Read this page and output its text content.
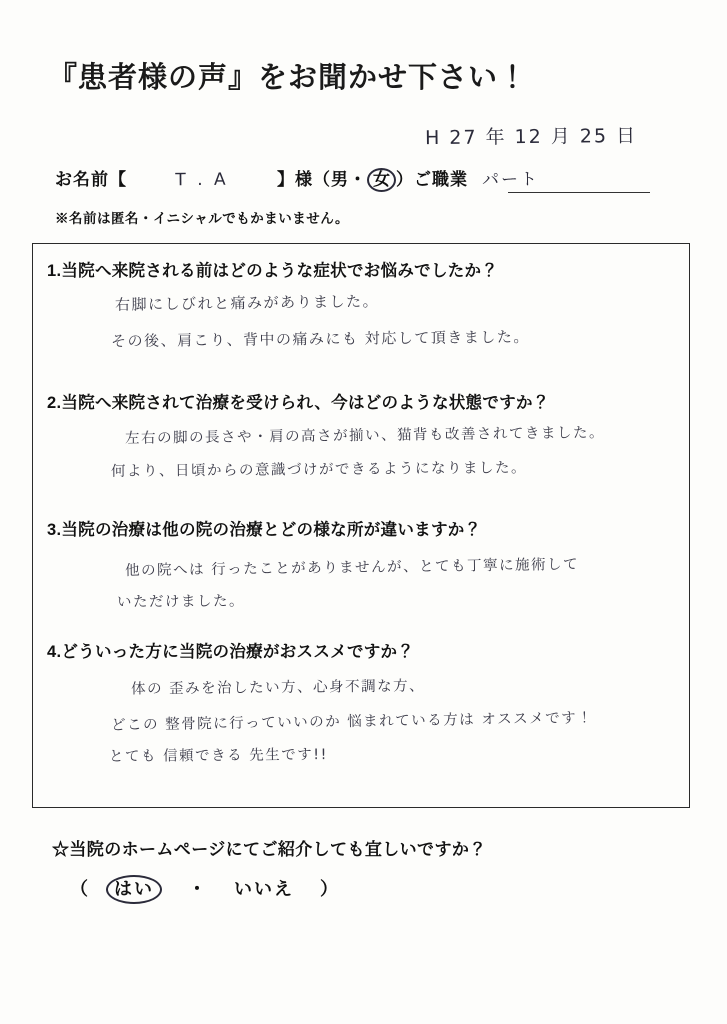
『患者様の声』をお聞かせ下さい！
H 27 年 12 月 25 日
お名前【	T . A	】様（男・ 女 ）ご職業 パート
※名前は匿名・イニシャルでもかまいません。
1.当院へ来院される前はどのような症状でお悩みでしたか？
右脚にしびれと痛みがありました。
その後、肩こり、背中の痛みにも 対応して頂きました。
2.当院へ来院されて治療を受けられ、今はどのような状態ですか？
左右の脚の長さや・肩の高さが揃い、猫背も改善されてきました。
何より、日頃からの意識づけができるようになりました。
3.当院の治療は他の院の治療とどの様な所が違いますか？
他の院へは 行ったことがありませんが、とても丁寧に施術して
いただけました。
4.どういった方に当院の治療がおススメですか？
体の 歪みを治したい方、心身不調な方、
どこの 整骨院に行っていいのか 悩まれている方は オススメです！
とても 信頼できる 先生です!!
☆当院のホームページにてご紹介しても宜しいですか？
（ はい ・ いいえ ）
